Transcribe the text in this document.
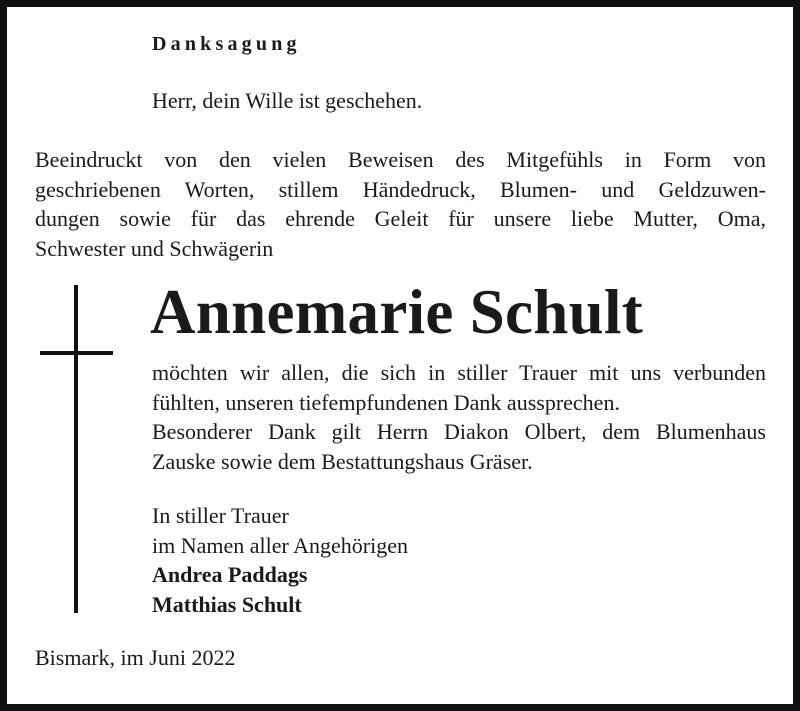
Danksagung
Herr, dein Wille ist geschehen.
Beeindruckt von den vielen Beweisen des Mitgefühls in Form von
geschriebenen Worten, stillem Händedruck, Blumen- und Geldzuwen-
dungen sowie für das ehrende Geleit für unsere liebe Mutter, Oma,
Schwester und Schwägerin
Annemarie Schult
möchten wir allen, die sich in stiller Trauer mit uns verbunden
fühlten, unseren tiefempfundenen Dank aussprechen.
Besonderer Dank gilt Herrn Diakon Olbert, dem Blumenhaus
Zauske sowie dem Bestattungshaus Gräser.
In stiller Trauer
im Namen aller Angehörigen
Andrea Paddags
Matthias Schult
Bismark, im Juni 2022
